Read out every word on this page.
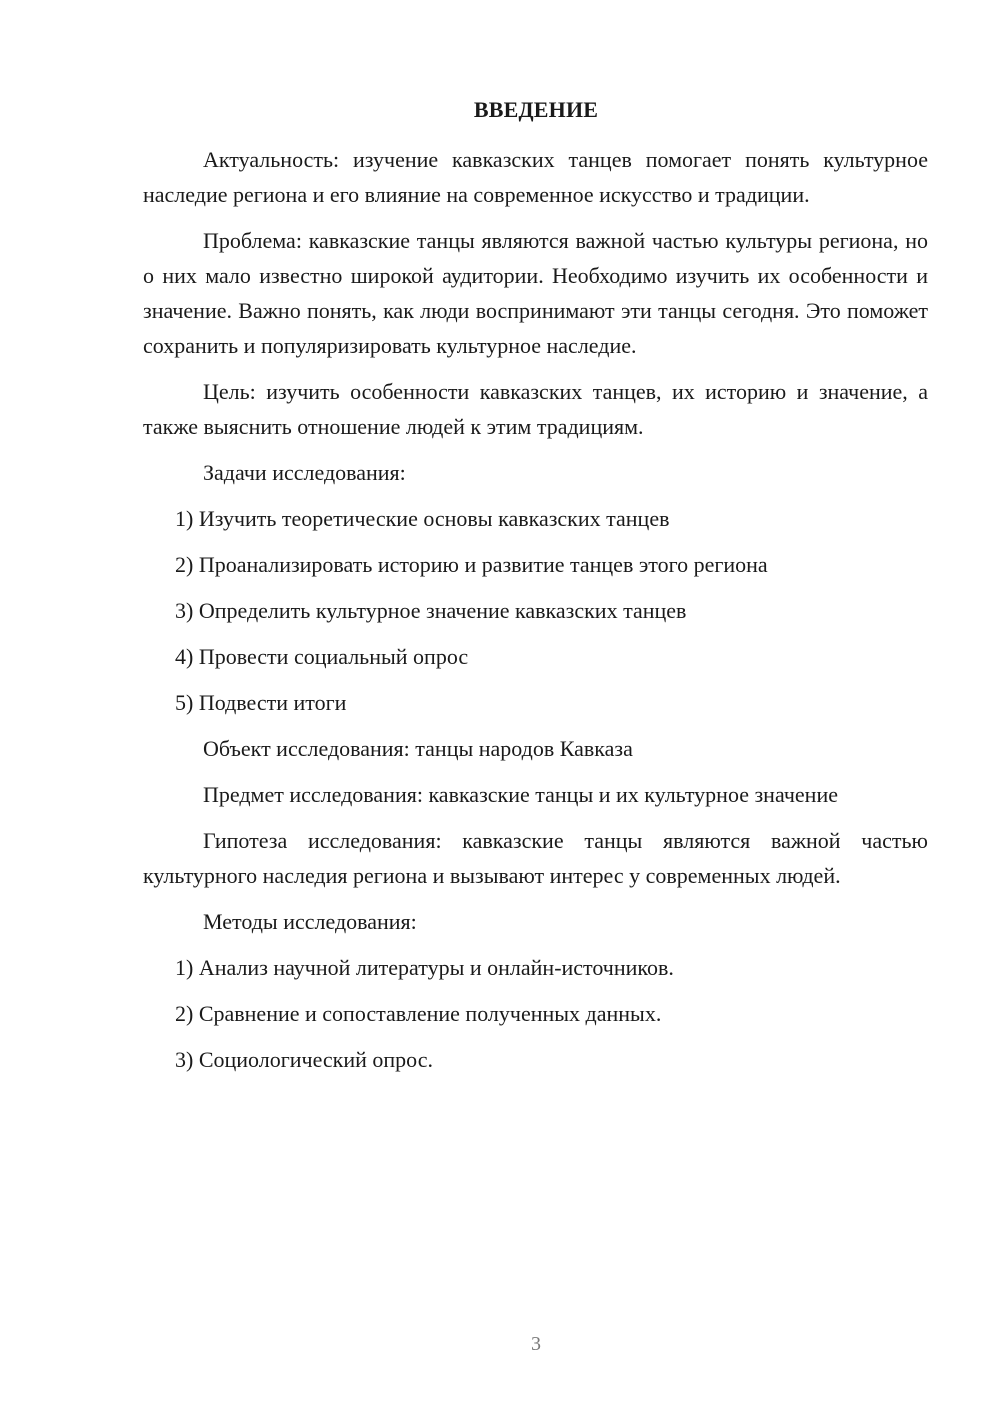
ВВЕДЕНИЕ

Актуальность: изучение кавказских танцев помогает понять культурное наследие региона и его влияние на современное искусство и традиции.

Проблема: кавказские танцы являются важной частью культуры региона, но о них мало известно широкой аудитории. Необходимо изучить их особенности и значение. Важно понять, как люди воспринимают эти танцы сегодня. Это поможет сохранить и популяризировать культурное наследие.

Цель: изучить особенности кавказских танцев, их историю и значение, а также выяснить отношение людей к этим традициям.

Задачи исследования:

1) Изучить теоретические основы кавказских танцев

2) Проанализировать историю и развитие танцев этого региона

3) Определить культурное значение кавказских танцев

4) Провести социальный опрос

5) Подвести итоги

Объект исследования: танцы народов Кавказа

Предмет исследования: кавказские танцы и их культурное значение

Гипотеза исследования: кавказские танцы являются важной частью культурного наследия региона и вызывают интерес у современных людей.

Методы исследования:

1) Анализ научной литературы и онлайн-источников.

2) Сравнение и сопоставление полученных данных.

3) Социологический опрос.

3
